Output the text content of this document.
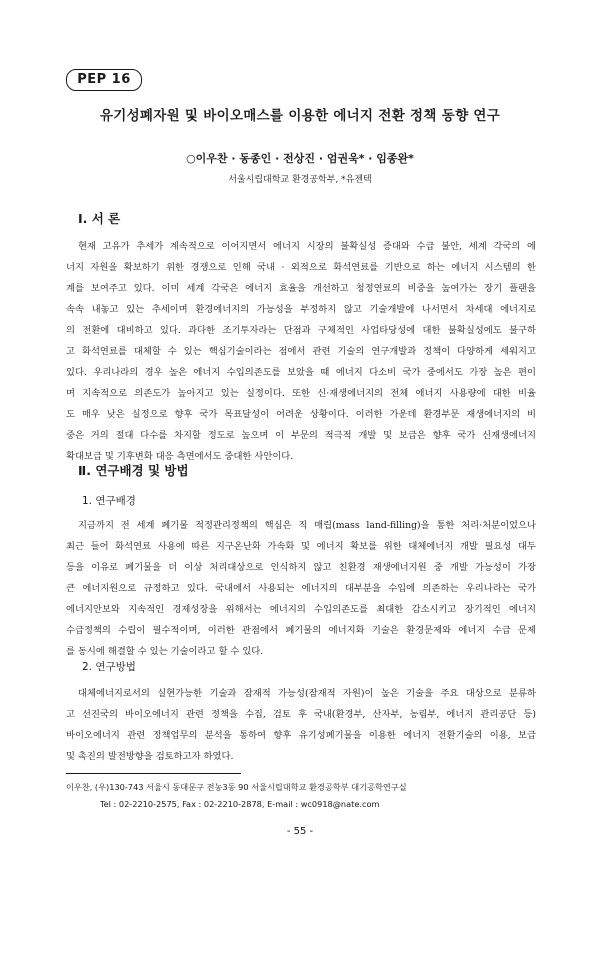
PEP 16
유기성폐자원 및 바이오매스를 이용한 에너지 전환 정책 동향 연구
○이우찬 · 동종인 · 전상진 · 엄권욱* · 임종완*
서울시립대학교 환경공학부, *유젠텍
Ⅰ. 서 론
현재 고유가 추세가 계속적으로 이어지면서 에너지 시장의 불확실성 증대와 수급 불안, 세계 각국의 에
너지 자원을 확보하기 위한 경쟁으로 인해 국내 · 외적으로 화석연료를 기반으로 하는 에너지 시스템의 한
계를 보여주고 있다. 이미 세계 각국은 에너지 효율을 개선하고 청정연료의 비중을 높여가는 장기 플랜을
속속 내놓고 있는 추세이며 환경에너지의 가능성을 부정하지 않고 기술개발에 나서면서 차세대 에너지로
의 전환에 대비하고 있다. 과다한 조기투자라는 단점과 구체적인 사업타당성에 대한 불확실성에도 불구하
고 화석연료를 대체할 수 있는 핵심기술이라는 점에서 관련 기술의 연구개발과 정책이 다양하게 세워지고
있다. 우리나라의 경우 높은 에너지 수입의존도를 보았을 때 에너지 다소비 국가 중에서도 가장 높은 편이
며 지속적으로 의존도가 높아지고 있는 실정이다. 또한 신·재생에너지의 전체 에너지 사용량에 대한 비율
도 매우 낮은 실정으로 향후 국가 목표달성이 어려운 상황이다. 이러한 가운데 환경부문 재생에너지의 비
중은 거의 절대 다수를 차지할 정도로 높으며 이 부문의 적극적 개발 및 보급은 향후 국가 신재생에너지
확대보급 및 기후변화 대응 측면에서도 중대한 사안이다.
Ⅱ. 연구배경 및 방법
1. 연구배경
지금까지 전 세계 폐기물 적정관리정책의 핵심은 직 매립(mass land-filling)을 통한 처리·처분이었으나
최근 들어 화석연료 사용에 따른 지구온난화 가속화 및 에너지 확보를 위한 대체에너지 개발 필요성 대두
등을 이유로 폐기물을 더 이상 처리대상으로 인식하지 않고 친환경 재생에너지원 중 개발 가능성이 가장
큰 에너지원으로 규정하고 있다. 국내에서 사용되는 에너지의 대부분을 수입에 의존하는 우리나라는 국가
에너지안보와 지속적인 경제성장을 위해서는 에너지의 수입의존도를 최대한 감소시키고 장기적인 에너지
수급정책의 수립이 필수적이며, 이러한 관점에서 폐기물의 에너지화 기술은 환경문제와 에너지 수급 문제
를 동시에 해결할 수 있는 기술이라고 할 수 있다.
2. 연구방법
대체에너지로서의 실현가능한 기술과 잠재적 가능성(잠재적 자원)이 높은 기술을 주요 대상으로 분류하
고 선진국의 바이오에너지 관련 정책을 수집, 검토 후 국내(환경부, 산자부, 농림부, 에너지 관리공단 등)
바이오에너지 관련 정책업무의 분석을 통하여 향후 유기성폐기물을 이용한 에너지 전환기술의 이용, 보급
및 촉진의 발전방향을 검토하고자 하였다.
이우찬, (우)130-743 서울시 동대문구 전농3동 90 서울시립대학교 환경공학부 대기공학연구실
Tel : 02-2210-2575, Fax : 02-2210-2878, E-mail : wc0918@nate.com
- 55 -
